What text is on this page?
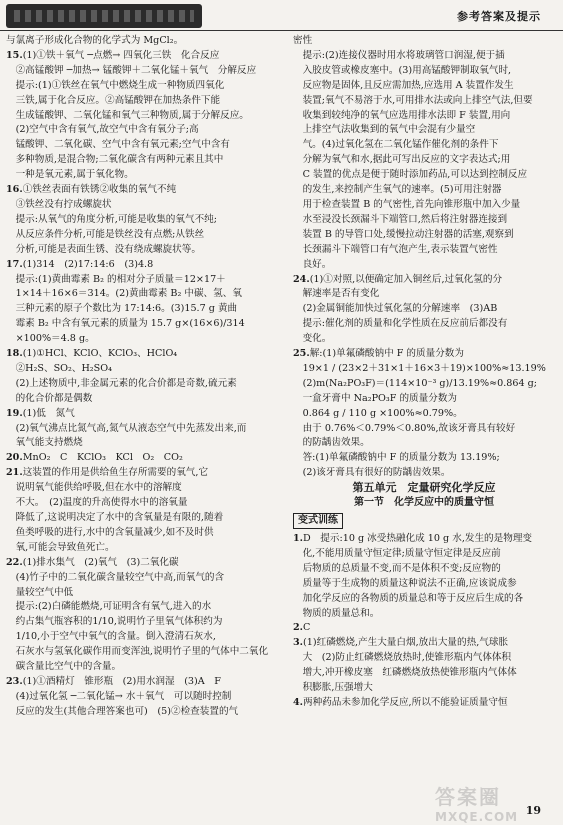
参考答案及提示

与氯离子形成化合物的化学式为 MgCl₂。

15.(1)①铁＋氧气 ─点燃→ 四氧化三铁　化合反应

　②高锰酸钾 ─加热→ 锰酸钾＋二氧化锰＋氧气　分解反应

　提示:(1)①铁丝在氧气中燃烧生成一种物质四氧化

　三铁,属于化合反应。②高锰酸钾在加热条件下能

　生成锰酸钾、二氧化锰和氧气三种物质,属于分解反应。

　(2)空气中含有氧气,故空气中含有氧分子;高

　锰酸钾、二氧化碳、空气中含有氧元素;空气中含有

　多种物质,是混合物;二氧化碳含有两种元素且其中

　一种是氧元素,属于氧化物。

16.①铁丝表面有铁锈②收集的氧气不纯

　③铁丝没有拧成螺旋状

　提示:从氧气的角度分析,可能是收集的氧气不纯;

　从反应条件分析,可能是铁丝没有点燃;从铁丝

　分析,可能是表面生锈、没有绕成螺旋状等。

17.(1)314　(2)17:14:6　(3)4.8

　提示:(1)黄曲霉素 B₂ 的相对分子质量＝12×17＋

　1×14＋16×6＝314。(2)黄曲霉素 B₂ 中碳、氢、氧

　三种元素的原子个数比为 17:14:6。(3)15.7 g 黄曲

　霉素 B₂ 中含有氧元素的质量为 15.7 g×(16×6)/314

　×100%＝4.8 g。

18.(1)①HCl、KClO、KClO₃、HClO₄

　②H₂S、SO₂、H₂SO₄

　(2)上述物质中,非金属元素的化合价都是奇数,硫元素

　的化合价都是偶数

19.(1)低　氮气

　(2)氧气沸点比氮气高,氮气从液态空气中先蒸发出来,而

　氧气能支持燃烧

20.MnO₂　C　KClO₃　KCl　O₂　CO₂

21.这装置的作用是供给鱼生存所需要的氧气,它

　说明氧气能供给呼吸,但在水中的溶解度

　不大。　(2)温度的升高使得水中的溶氧量

　降低了,这说明决定了水中的含氧量是有限的,随着

　鱼类呼吸的进行,水中的含氧量减少,如不及时供

　氧,可能会导致鱼死亡。

22.(1)排水集气　(2)氧气　(3)二氧化碳

　(4)竹子中的二氧化碳含量较空气中高,而氧气的含

　量较空气中低

　提示:(2)白磷能燃烧,可证明含有氧气,进入的水

　约占集气瓶容积的1/10,说明竹子里氧气体积约为

　1/10,小于空气中氧气的含量。倒入澄清石灰水,

　石灰水与氢氧化碳作用而变浑浊,说明竹子里的气体中二氧化

　碳含量比空气中的含量。

23.(1)①酒精灯　锥形瓶　(2)用水润湿　(3)A　F

　(4)过氧化氢 ─二氧化锰→ 水＋氧气　可以随时控制

　反应的发生(其他合理答案也可)　(5)②检查装置的气

密性

　提示:(2)连接仪器时用水将玻璃管口润湿,便于插

　入胶皮管或橡皮塞中。(3)用高锰酸钾制取氧气时,

　反应物是固体,且反应需加热,应选用 A 装置作发生

　装置;氧气不易溶于水,可用排水法或向上排空气法,但要

　收集到较纯净的氧气应选用排水法即 F 装置,用向

　上排空气法收集到的氧气中会混有少量空

　气。(4)过氧化氢在二氧化锰作催化剂的条件下

　分解为氧气和水,据此可写出反应的文字表达式;用

　C 装置的优点是便于随时添加药品,可以达到控制反应

　的发生,来控制产生氧气的速率。(5)可用注射器

　用于检查装置 B 的气密性,首先向锥形瓶中加入少量

　水至浸没长颈漏斗下端管口,然后将注射器连接到

　装置 B 的导管口处,缓慢拉动注射器的活塞,观察到

　长颈漏斗下端管口有气泡产生,表示装置气密性

　良好。

24.(1)①对照,以便确定加入铜丝后,过氧化氢的分

　解速率是否有变化

　(2)金属铜能加快过氧化氢的分解速率　(3)AB

　提示:催化剂的质量和化学性质在反应前后都没有

　变化。

25.解:(1)单氟磷酸钠中 F 的质量分数为

　19×1 / (23×2＋31×1＋16×3＋19)×100%≈13.19%

　(2)m(Na₂PO₃F)＝(114×10⁻³ g)/13.19%≈0.864 g;

　一盒牙膏中 Na₂PO₃F 的质量分数为

　0.864 g / 110 g ×100%≈0.79%。

　由于 0.76%＜0.79%＜0.80%,故该牙膏具有较好

　的防龋齿效果。

　答:(1)单氟磷酸钠中 F 的质量分数为 13.19%;

　(2)该牙膏具有很好的防龋齿效果。

第五单元　定量研究化学反应

第一节　化学反应中的质量守恒

变式训练

1.D　提示:10 g 冰受热融化成 10 g 水,发生的是物理变

　化,不能用质量守恒定律;质量守恒定律是反应前

　后物质的总质量不变,而不是体积不变;反应物的

　质量等于生成物的质量这种说法不正确,应该说成参

　加化学反应的各物质的质量总和等于反应后生成的各

　物质的质量总和。

2.C

3.(1)红磷燃烧,产生大量白烟,放出大量的热,气球胀

　大　(2)防止红磷燃烧放热时,使锥形瓶内气体体积

　增大,冲开橡皮塞　红磷燃烧放热使锥形瓶内气体体

　积膨胀,压强增大

4.两种药品未参加化学反应,所以不能验证质量守恒

答案圈
MXQE.COM 19
